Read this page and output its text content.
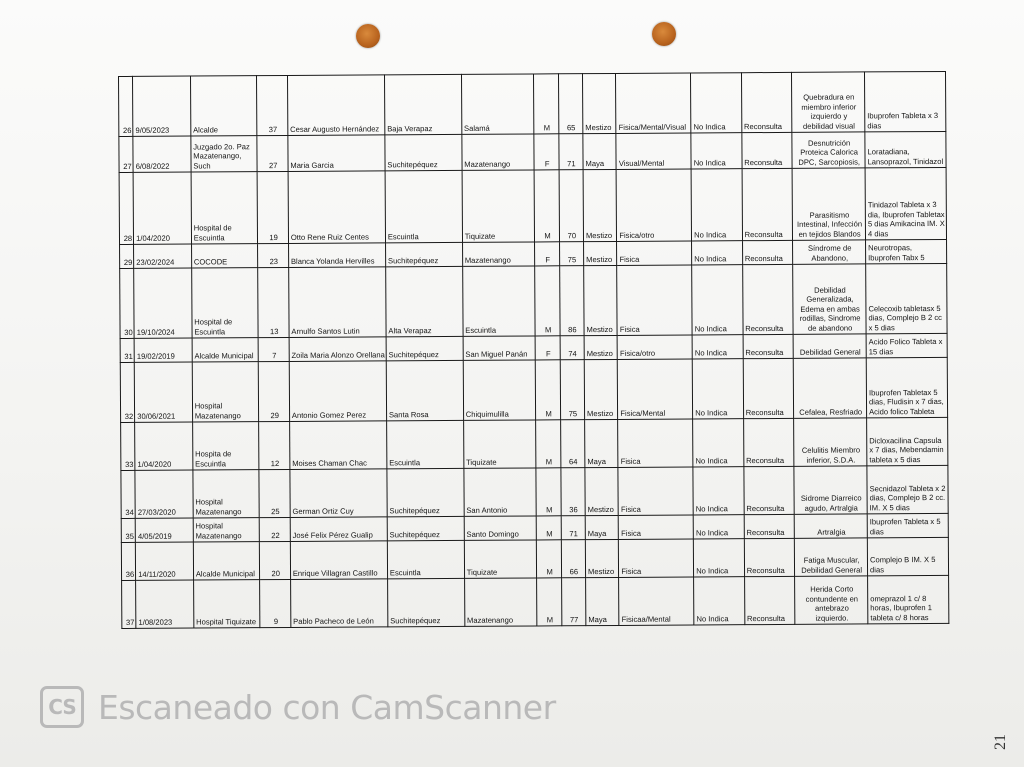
26	9/05/2023	Alcalde	37	Cesar Augusto Hernández	Baja Verapaz	Salamá	M	65	Mestizo	Fisica/Mental/Visual	No Indica	Reconsulta	Quebradura en miembro inferior izquierdo y debilidad visual	Ibuprofen Tableta x 3 dias
27	6/08/2022	Juzgado 2o. Paz Mazatenango, Such	27	Maria Garcia	Suchitepéquez	Mazatenango	F	71	Maya	Visual/Mental	No Indica	Reconsulta	Desnutrición Proteica Calorica DPC, Sarcopiosis,	Loratadiana, Lansoprazol, Tinidazol
28	1/04/2020	Hospital de Escuintla	19	Otto Rene Ruiz Centes	Escuintla	Tiquizate	M	70	Mestizo	Fisica/otro	No Indica	Reconsulta	Parasitismo Intestinal, Infección en tejidos Blandos	Tinidazol Tableta x 3 dia, Ibuprofen Tabletax 5 dias Amikacina IM. X 4 dias
29	23/02/2024	COCODE	23	Blanca Yolanda Hervilles	Suchitepéquez	Mazatenango	F	75	Mestizo	Fisica	No Indica	Reconsulta	Síndrome de Abandono,	Neurotropas, Ibuprofen Tabx 5
30	19/10/2024	Hospital de Escuintla	13	Arnulfo Santos Lutin	Alta Verapaz	Escuintla	M	86	Mestizo	Fisica	No Indica	Reconsulta	Debilidad Generalizada, Edema en ambas rodillas, Sindrome de abandono	Celecoxib tabletasx 5 dias, Complejo B 2 cc x 5 dias
31	19/02/2019	Alcalde Municipal	7	Zoila Maria Alonzo Orellana	Suchitepéquez	San Miguel Panán	F	74	Mestizo	Fisica/otro	No Indica	Reconsulta	Debilidad General	Acido Folico Tableta x 15 dias
32	30/06/2021	Hospital Mazatenango	29	Antonio Gomez Perez	Santa Rosa	Chiquimulilla	M	75	Mestizo	Fisica/Mental	No Indica	Reconsulta	Cefalea, Resfriado	Ibuprofen Tabletax 5 dias, Fludisin x 7 dias, Acido folico Tableta
33	1/04/2020	Hospita de Escuintla	12	Moises Chaman Chac	Escuintla	Tiquizate	M	64	Maya	Fisica	No Indica	Reconsulta	Celulitis Miembro inferior, S.D.A.	Dicloxacilina Capsula x 7 dias, Mebendamin tableta x 5 dias
34	27/03/2020	Hospital Mazatenango	25	German Ortiz Cuy	Suchitepéquez	San Antonio	M	36	Mestizo	Fisica	No Indica	Reconsulta	Sidrome Diarreico agudo, Artralgia	Secnidazol Tableta x 2 dias, Complejo B 2 cc. IM. X 5 dias
35	4/05/2019	Hospital Mazatenango	22	José Felix Pérez Gualip	Suchitepéquez	Santo Domingo	M	71	Maya	Fisica	No Indica	Reconsulta	Artralgia	Ibuprofen Tableta x 5 dias
36	14/11/2020	Alcalde Municipal	20	Enrique Villagran Castillo	Escuintla	Tiquizate	M	66	Mestizo	Fisica	No Indica	Reconsulta	Fatiga Muscular, Debilidad General	Complejo B IM. X 5 dias
37	1/08/2023	Hospital Tiquizate	9	Pablo Pacheco de León	Suchitepéquez	Mazatenango	M	77	Maya	Fisicaa/Mental	No Indica	Reconsulta	Herida Corto contundente en antebrazo izquierdo.	omeprazol 1 c/ 8 horas, Ibuprofen 1 tableta c/ 8 horas
CS Escaneado con CamScanner
21
